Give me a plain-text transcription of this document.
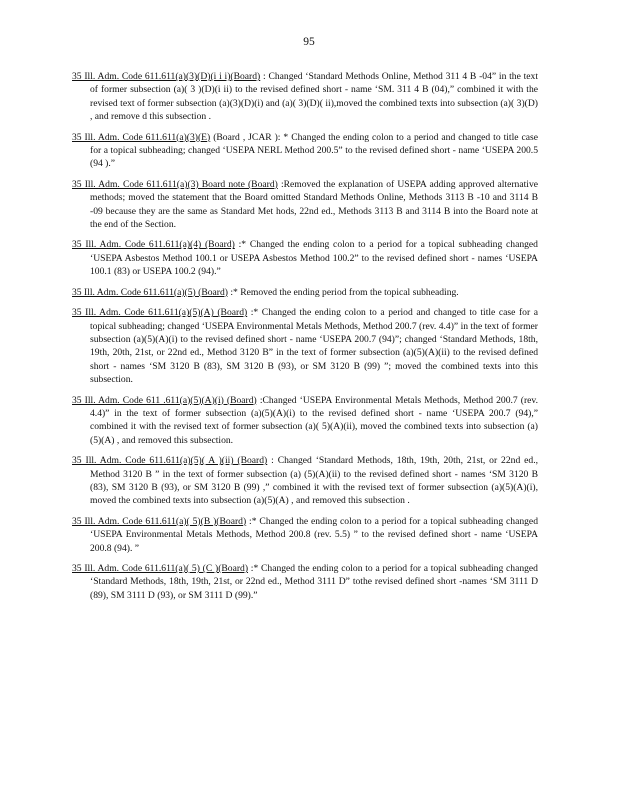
95

35 Ill. Adm. Code 611.611(a)(3)(D)(i i i)(Board) : Changed ‘Standard Methods Online, Method 311 4 B -04” in the text of former subsection (a)( 3 )(D)(i ii) to the revised defined short - name ‘SM. 311 4 B (04),” combined it with the revised text of former subsection (a)(3)(D)(i) and (a)( 3)(D)( ii),moved the combined texts into subsection (a)( 3)(D) , and remove d this subsection .

35 Ill. Adm. Code 611.611(a)(3)(E) (Board , JCAR ): * Changed the ending colon to a period and changed to title case for a topical subheading; changed ‘USEPA NERL Method 200.5” to the revised defined short - name ‘USEPA 200.5 (94 ).”

35 Ill. Adm. Code 611.611(a)(3) Board note (Board) :Removed the explanation of USEPA adding approved alternative methods; moved the statement that the Board omitted Standard Methods Online, Methods 3113 B -10 and 3114 B -09 because they are the same as Standard Met hods, 22nd ed., Methods 3113 B and 3114 B into the Board note at the end of the Section.

35 Ill. Adm. Code 611.611(a)(4) (Board) :* Changed the ending colon to a period for a topical subheading changed ‘USEPA Asbestos Method 100.1 or USEPA Asbestos Method 100.2” to the revised defined short - names ‘USEPA 100.1 (83) or USEPA 100.2 (94).”

35 Ill. Adm. Code 611.611(a)(5) (Board) :* Removed the ending period from the topical subheading.

35 Ill. Adm. Code 611.611(a)(5)(A) (Board) :* Changed the ending colon to a period and changed to title case for a topical subheading; changed ‘USEPA Environmental Metals Methods, Method 200.7 (rev. 4.4)” in the text of former subsection (a)(5)(A)(i) to the revised defined short - name ‘USEPA 200.7 (94)”; changed ‘Standard Methods, 18th, 19th, 20th, 21st, or 22nd ed., Method 3120 B” in the text of former subsection (a)(5)(A)(ii) to the revised defined short - names ‘SM 3120 B (83), SM 3120 B (93), or SM 3120 B (99) ”; moved the combined texts into this subsection.

35 Ill. Adm. Code 611 .611(a)(5)(A)(i) (Board) :Changed ‘USEPA Environmental Metals Methods, Method 200.7 (rev. 4.4)” in the text of former subsection (a)(5)(A)(i) to the revised defined short - name ‘USEPA 200.7 (94),” combined it with the revised text of former subsection (a)( 5)(A)(ii), moved the combined texts into subsection (a)(5)(A) , and removed this subsection.

35 Ill. Adm. Code 611.611(a)(5)( A )(ii) (Board) : Changed ‘Standard Methods, 18th, 19th, 20th, 21st, or 22nd ed., Method 3120 B ” in the text of former subsection (a) (5)(A)(ii) to the revised defined short - names ‘SM 3120 B (83), SM 3120 B (93), or SM 3120 B (99) ,” combined it with the revised text of former subsection (a)(5)(A)(i), moved the combined texts into subsection (a)(5)(A) , and removed this subsection .

35 Ill. Adm. Code 611.611(a)( 5)(B )(Board) :* Changed the ending colon to a period for a topical subheading changed ‘USEPA Environmental Metals Methods, Method 200.8 (rev. 5.5) ” to the revised defined short - name ‘USEPA 200.8 (94). ”

35 Ill. Adm. Code 611.611(a)( 5) (C )(Board) :* Changed the ending colon to a period for a topical subheading changed ‘Standard Methods, 18th, 19th, 21st, or 22nd ed., Method 3111 D” tothe revised defined short -names ‘SM 3111 D (89), SM 3111 D (93), or SM 3111 D (99).”
